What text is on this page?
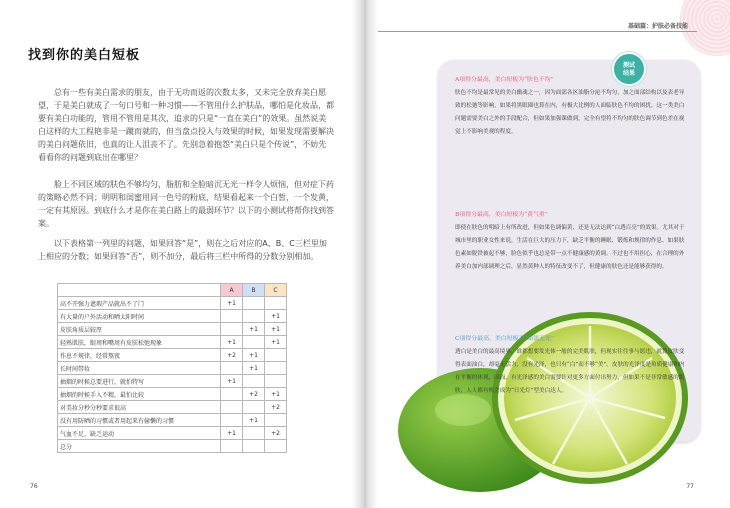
找到你的美白短板

总有一些有美白需求的朋友，由于无功而返的次数太多，又未完全放弃美白愿望，于是美白就成了一句口号和一种习惯——不管用什么护肤品，哪怕是化妆品，都要有美白功能的，管用不管用是其次，追求的只是“一直在美白”的效果。虽然说美白这样的大工程艳非是一蹴而就的，但当盘点投入与效果的时候，如果发现需要解决的美白问题依旧，也真的让人沮丧不了。先别急着抱怨“美白只是个传说”，不妨先看看你的问题到底出在哪里？

脸上不同区域的肤色不够均匀，脂肪和全脸暗沉无光一样令人烦恼，但对症下药的策略必然不同；明明和闺蜜用同一色号的粉底，结果看起来一个白皙，一个发黄，一定有其原因。到底什么才是你在美白路上的最弱环节？以下的小测试将帮你找到答案。

以下表格第一列里的问题，如果回答“是”，则在之后对应的A、B、C三栏里加上相应的分数；如果回答“否”，则不加分，最后将三栏中所得的分数分别相加。

	A	B	C
高不开强力遮瑕产品就出不了门	+1		
有大量的户外活动和晒太阳时间			+1
皮肤角质层较厚		+1	+1
轻熟肌肤，眼周和嘴周有皮肤松弛现象	+1		+1
作息不规律，经常熬夜	+2	+1	
长时间带妆		+1	
抽烟的时候总要进行，就怕特写	+1		
抽烟的时候手入不精，最怕比较		+2	+1
对美妆分秒分秒要求很高			+2
没有用防晒的习惯或者用起来有偷懒的习惯		+1	
气血不足，缺乏运动	+1		+2
总分			
76
基础篇：护肤必备技能
测试
结果

A项得分最高，美白短板为“肤色不均”
肤色不均是最常见的美白幽魂之一，因为面部各区油脂分泌不均匀，加之面部结构以及表老导致的松弛等影响，如果将黑眼圈也算在内，有极大比例的人面临肤色不均的困扰。这一类美白问题需要美白之外的手段配合，但如果加强课做到，完全有望将不均匀的肤色调节到色差在视觉上不影响美观的程度。

B项得分最高，美白短板为“黄气重”
即使在肤色的明暗上有所改进，但如果色调偏黄，还是无法达到“白透百亮”的效果。尤其对于城市里的职业女性来说，生活在巨大的压力下，缺乏平衡的睡眠、锻炼和规律的作息。如果肤色素如脱铁被起不够，脸色似乎也总是带一点不健康感的黄调。不过也不用担心，在合理的外养美白加内部调理之后，显然黄种人的特征改变不了，但健康的肤色还是能够获得的。

C项得分最高，美白短板为“暗淡无光”
透白是美白的最高境界，谁都想要发光体一般的完美肌肤，但现实往往事与愿违，就算皮肤变得表面油白，却毫无活力，没有光泽，也只有“白”而不够“美”。皮肤的光泽度是角质健康和内在平衡的体现，因而，有光泽感的美白需要针对更多方面付出努力，但如果不是非常敏感的肌肤，人人都有机会成为“日光灯”型美白达人。

77
